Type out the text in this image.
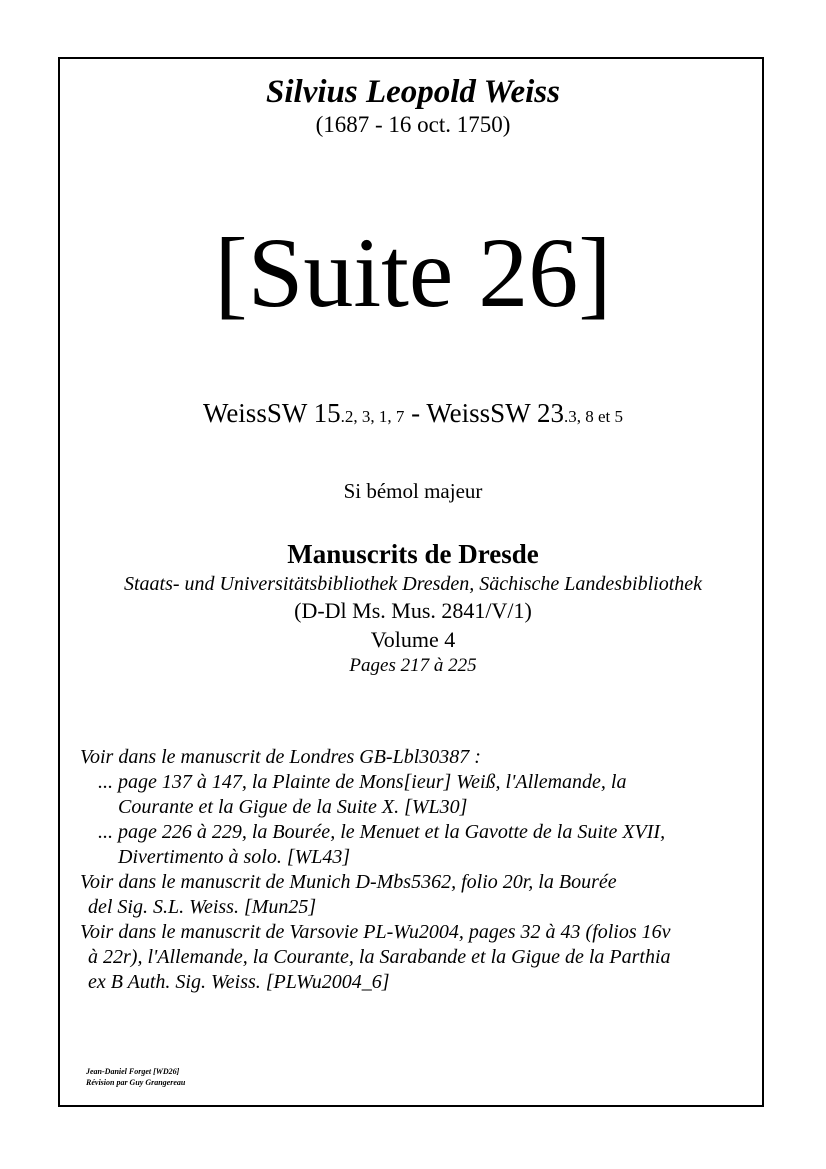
Silvius Leopold Weiss
(1687 - 16 oct. 1750)
[Suite 26]
WeissSW 15.2, 3, 1, 7 - WeissSW 23.3, 8 et 5
Si bémol majeur
Manuscrits de Dresde
Staats- und Universitätsbibliothek Dresden, Sächische Landesbibliothek
(D-Dl Ms. Mus. 2841/V/1)
Volume 4
Pages 217 à 225
Voir dans le manuscrit de Londres GB-Lbl30387 :
... page 137 à 147, la Plainte de Mons[ieur] Weiß, l'Allemande, la
Courante et la Gigue de la Suite X. [WL30]
... page 226 à 229, la Bourée, le Menuet et la Gavotte de la Suite XVII,
Divertimento à solo. [WL43]
Voir dans le manuscrit de Munich D-Mbs5362, folio 20r, la Bourée
del Sig. S.L. Weiss. [Mun25]
Voir dans le manuscrit de Varsovie PL-Wu2004, pages 32 à 43 (folios 16v
à 22r), l'Allemande, la Courante, la Sarabande et la Gigue de la Parthia
ex B Auth. Sig. Weiss. [PLWu2004_6]
Jean-Daniel Forget [WD26]
Révision par Guy Grangereau
